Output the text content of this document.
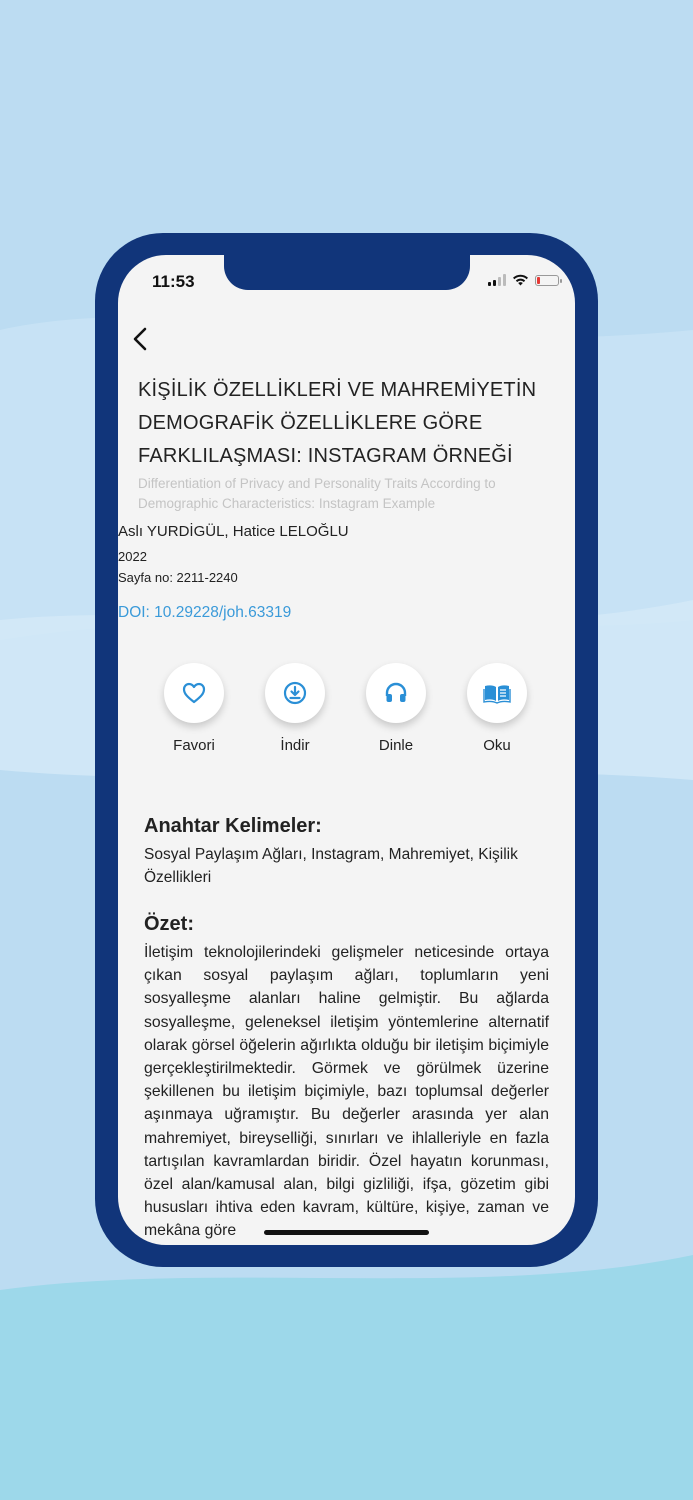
11:53
KİŞİLİK ÖZELLİKLERİ VE MAHREMİYETİN DEMOGRAFİK ÖZELLİKLERE GÖRE FARKLILAŞMASI: INSTAGRAM ÖRNEĞİ
Differentiation of Privacy and Personality Traits According to Demographic Characteristics: Instagram Example
Aslı YURDİGÜL, Hatice LELOĞLU
2022
Sayfa no: 2211-2240
DOI: 10.29228/joh.63319
Favori	İndir	Dinle	Oku
Anahtar Kelimeler:
Sosyal Paylaşım Ağları, Instagram, Mahremiyet, Kişilik Özellikleri
Özet:
İletişim teknolojilerindeki gelişmeler neticesinde ortaya çıkan sosyal paylaşım ağları, toplumların yeni sosyalleşme alanları haline gelmiştir. Bu ağlarda sosyalleşme, geleneksel iletişim yöntemlerine alternatif olarak görsel öğelerin ağırlıkta olduğu bir iletişim biçimiyle gerçekleştirilmektedir. Görmek ve görülmek üzerine şekillenen bu iletişim biçimiyle, bazı toplumsal değerler aşınmaya uğramıştır. Bu değerler arasında yer alan mahremiyet, bireyselliği, sınırları ve ihlalleriyle en fazla tartışılan kavramlardan biridir. Özel hayatın korunması, özel alan/kamusal alan, bilgi gizliliği, ifşa, gözetim gibi hususları ihtiva eden kavram, kültüre, kişiye, zaman ve mekâna göre
